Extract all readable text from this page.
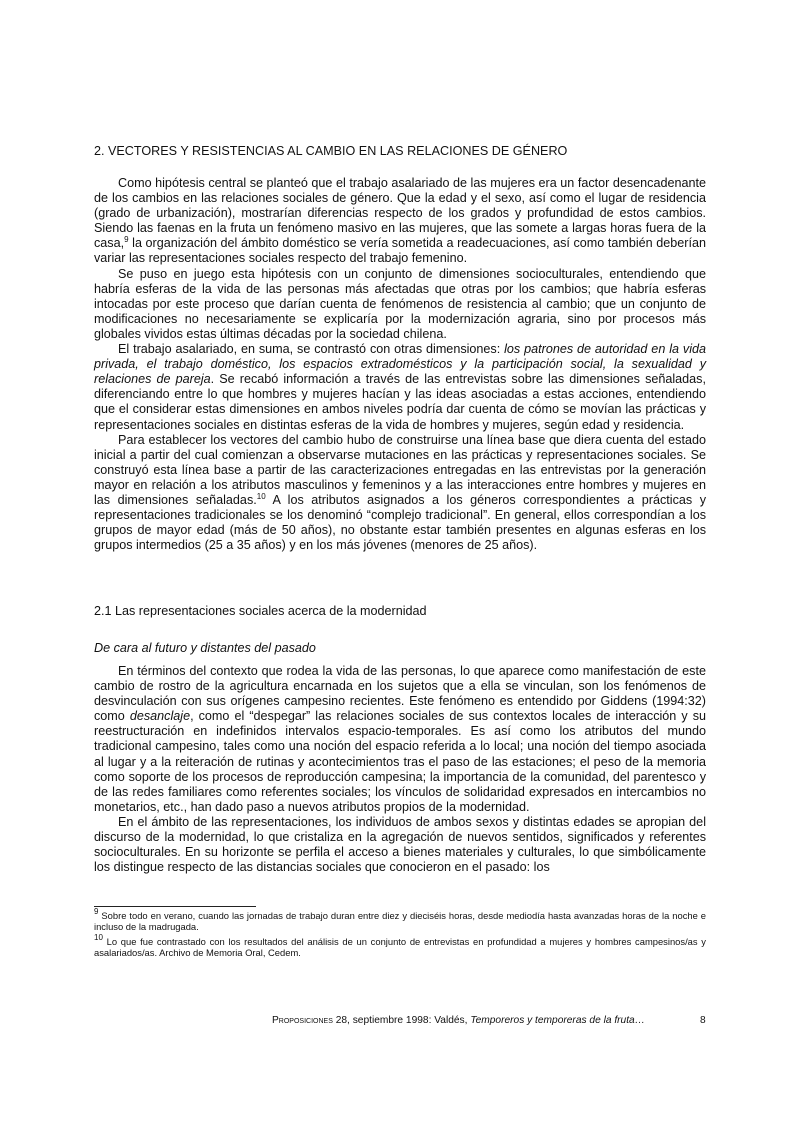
2. VECTORES Y RESISTENCIAS AL CAMBIO EN LAS RELACIONES DE GÉNERO

Como hipótesis central se planteó que el trabajo asalariado de las mujeres era un factor desencadenante de los cambios en las relaciones sociales de género. Que la edad y el sexo, así como el lugar de residencia (grado de urbanización), mostrarían diferencias respecto de los grados y profundidad de estos cambios. Siendo las faenas en la fruta un fenómeno masivo en las mujeres, que las somete a largas horas fuera de la casa,$^9$ la organización del ámbito doméstico se vería sometida a readecuaciones, así como también deberían variar las representaciones sociales respecto del trabajo femenino.

Se puso en juego esta hipótesis con un conjunto de dimensiones socioculturales, entendiendo que habría esferas de la vida de las personas más afectadas que otras por los cambios; que habría esferas intocadas por este proceso que darían cuenta de fenómenos de resistencia al cambio; que un conjunto de modificaciones no necesariamente se explicaría por la modernización agraria, sino por procesos más globales vividos estas últimas décadas por la sociedad chilena.

El trabajo asalariado, en suma, se contrastó con otras dimensiones: los patrones de autoridad en la vida privada, el trabajo doméstico, los espacios extradomésticos y la participación social, la sexualidad y relaciones de pareja. Se recabó información a través de las entrevistas sobre las dimensiones señaladas, diferenciando entre lo que hombres y mujeres hacían y las ideas asociadas a estas acciones, entendiendo que el considerar estas dimensiones en ambos niveles podría dar cuenta de cómo se movían las prácticas y representaciones sociales en distintas esferas de la vida de hombres y mujeres, según edad y residencia.

Para establecer los vectores del cambio hubo de construirse una línea base que diera cuenta del estado inicial a partir del cual comienzan a observarse mutaciones en las prácticas y representaciones sociales. Se construyó esta línea base a partir de las caracterizaciones entregadas en las entrevistas por la generación mayor en relación a los atributos masculinos y femeninos y a las interacciones entre hombres y mujeres en las dimensiones señaladas.$^{10}$ A los atributos asignados a los géneros correspondientes a prácticas y representaciones tradicionales se los denominó “complejo tradicional”. En general, ellos correspondían a los grupos de mayor edad (más de 50 años), no obstante estar también presentes en algunas esferas en los grupos intermedios (25 a 35 años) y en los más jóvenes (menores de 25 años).

2.1 Las representaciones sociales acerca de la modernidad
De cara al futuro y distantes del pasado

En términos del contexto que rodea la vida de las personas, lo que aparece como manifestación de este cambio de rostro de la agricultura encarnada en los sujetos que a ella se vinculan, son los fenómenos de desvinculación con sus orígenes campesino recientes. Este fenómeno es entendido por Giddens (1994:32) como desanclaje, como el “despegar” las relaciones sociales de sus contextos locales de interacción y su reestructuración en indefinidos intervalos espacio-temporales. Es así como los atributos del mundo tradicional campesino, tales como una noción del espacio referida a lo local; una noción del tiempo asociada al lugar y a la reiteración de rutinas y acontecimientos tras el paso de las estaciones; el peso de la memoria como soporte de los procesos de reproducción campesina; la importancia de la comunidad, del parentesco y de las redes familiares como referentes sociales; los vínculos de solidaridad expresados en intercambios no monetarios, etc., han dado paso a nuevos atributos propios de la modernidad.

En el ámbito de las representaciones, los individuos de ambos sexos y distintas edades se apropian del discurso de la modernidad, lo que cristaliza en la agregación de nuevos sentidos, significados y referentes socioculturales. En su horizonte se perfila el acceso a bienes materiales y culturales, lo que simbólicamente los distingue respecto de las distancias sociales que conocieron en el pasado: los

$^9$ Sobre todo en verano, cuando las jornadas de trabajo duran entre diez y dieciséis horas, desde mediodía hasta avanzadas horas de la noche e incluso de la madrugada.

$^{10}$ Lo que fue contrastado con los resultados del análisis de un conjunto de entrevistas en profundidad a mujeres y hombres campesinos/as y asalariados/as. Archivo de Memoria Oral, Cedem.

Proposiciones 28, septiembre 1998: Valdés, Temporeros y temporeras de la fruta…	8
